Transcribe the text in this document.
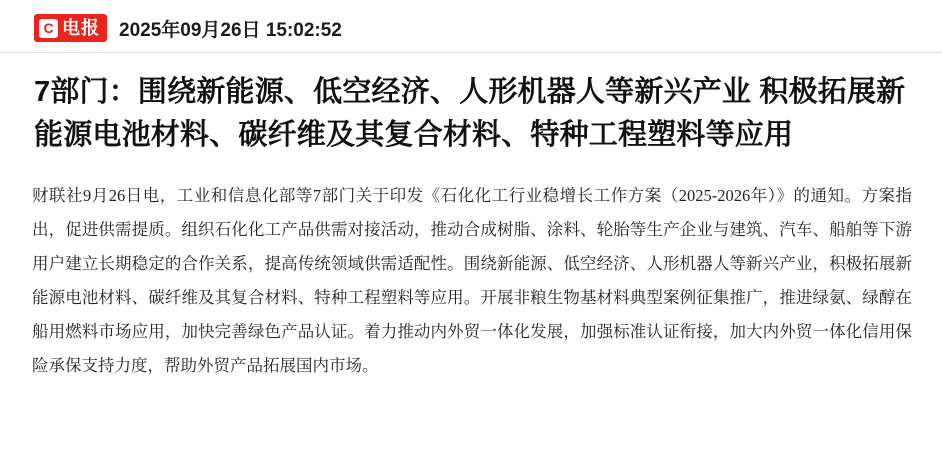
C 电报 2025年09月26日 15:02:52
7部门：围绕新能源、低空经济、人形机器人等新兴产业 积极拓展新能源电池材料、碳纤维及其复合材料、特种工程塑料等应用
财联社9月26日电，工业和信息化部等7部门关于印发《石化化工行业稳增长工作方案（2025-2026年）》的通知。方案指出，促进供需提质。组织石化化工产品供需对接活动，推动合成树脂、涂料、轮胎等生产企业与建筑、汽车、船舶等下游用户建立长期稳定的合作关系，提高传统领域供需适配性。围绕新能源、低空经济、人形机器人等新兴产业，积极拓展新能源电池材料、碳纤维及其复合材料、特种工程塑料等应用。开展非粮生物基材料典型案例征集推广，推进绿氨、绿醇在船用燃料市场应用，加快完善绿色产品认证。着力推动内外贸一体化发展，加强标准认证衔接，加大内外贸一体化信用保险承保支持力度，帮助外贸产品拓展国内市场。
